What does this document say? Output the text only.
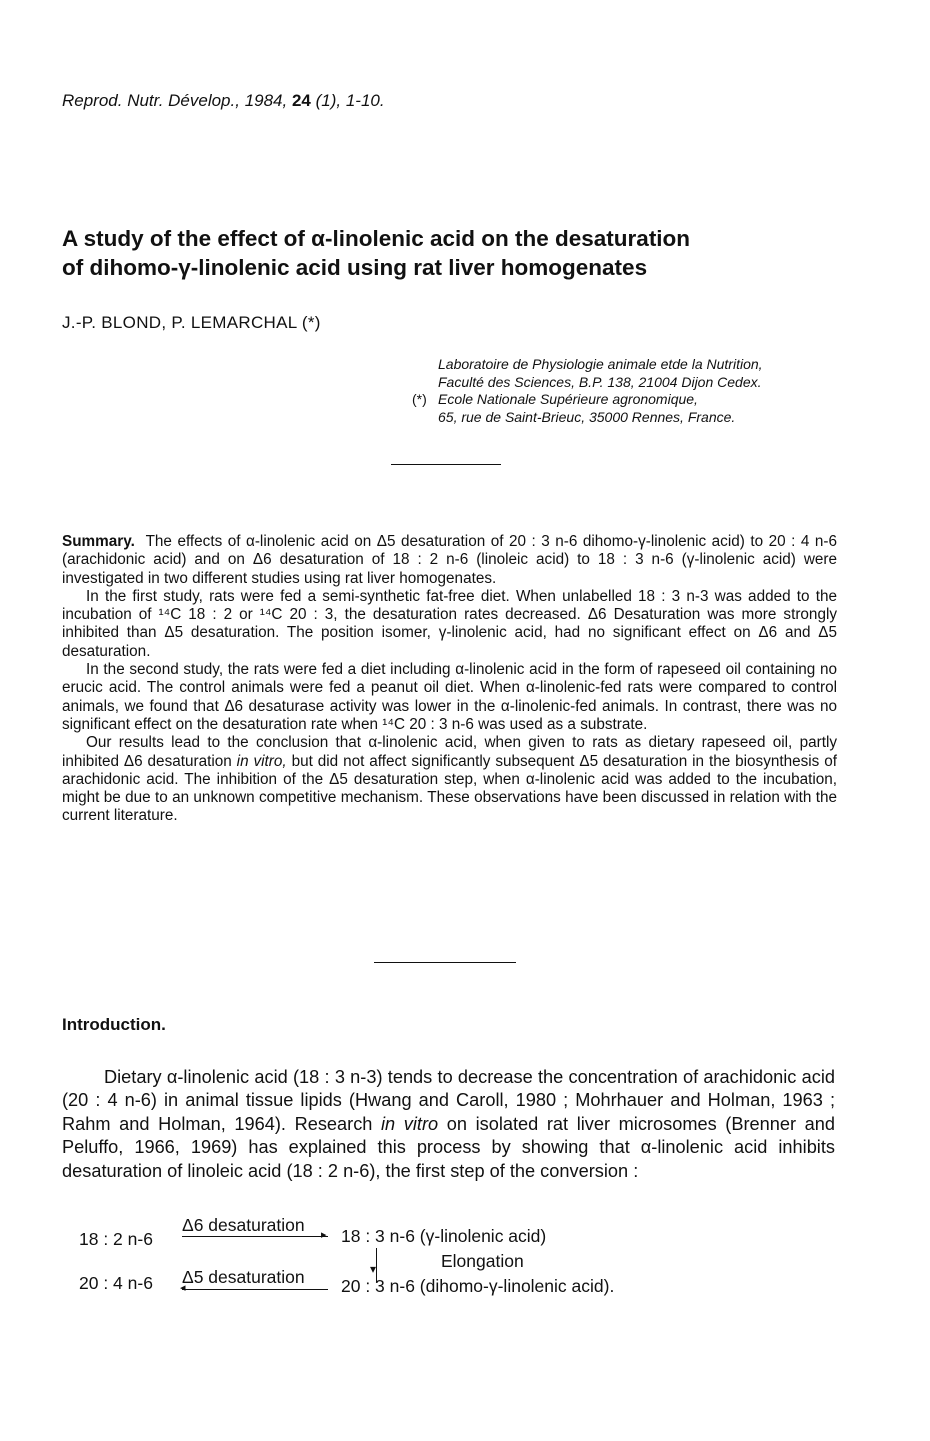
Reprod. Nutr. Dévelop., 1984, 24 (1), 1-10.
A study of the effect of α-linolenic acid on the desaturation
of dihomo-γ-linolenic acid using rat liver homogenates
J.-P. BLOND, P. LEMARCHAL (*)
Laboratoire de Physiologie animale etde la Nutrition,
Faculté des Sciences, B.P. 138, 21004 Dijon Cedex.
(*) Ecole Nationale Supérieure agronomique,
65, rue de Saint-Brieuc, 35000 Rennes, France.

Summary. The effects of α-linolenic acid on Δ5 desaturation of 20 : 3 n-6 dihomo-γ-linolenic acid) to 20 : 4 n-6 (arachidonic acid) and on Δ6 desaturation of 18 : 2 n-6 (linoleic acid) to 18 : 3 n-6 (γ-linolenic acid) were investigated in two different studies using rat liver homogenates.

In the first study, rats were fed a semi-synthetic fat-free diet. When unlabelled 18 : 3 n-3 was added to the incubation of ¹⁴C 18 : 2 or ¹⁴C 20 : 3, the desaturation rates decreased. Δ6 Desaturation was more strongly inhibited than Δ5 desaturation. The position isomer, γ-linolenic acid, had no significant effect on Δ6 and Δ5 desaturation.

In the second study, the rats were fed a diet including α-linolenic acid in the form of rapeseed oil containing no erucic acid. The control animals were fed a peanut oil diet. When α-linolenic-fed rats were compared to control animals, we found that Δ6 desaturase activity was lower in the α-linolenic-fed animals. In contrast, there was no significant effect on the desaturation rate when ¹⁴C 20 : 3 n-6 was used as a substrate.

Our results lead to the conclusion that α-linolenic acid, when given to rats as dietary rapeseed oil, partly inhibited Δ6 desaturation in vitro, but did not affect significantly subsequent Δ5 desaturation in the biosynthesis of arachidonic acid. The inhibition of the Δ5 desaturation step, when α-linolenic acid was added to the incubation, might be due to an unknown competitive mechanism. These observations have been discussed in relation with the current literature.

Introduction.

Dietary α-linolenic acid (18 : 3 n-3) tends to decrease the concentration of arachidonic acid (20 : 4 n-6) in animal tissue lipids (Hwang and Caroll, 1980 ; Mohrhauer and Holman, 1963 ; Rahm and Holman, 1964). Research in vitro on isolated rat liver microsomes (Brenner and Peluffo, 1966, 1969) has explained this process by showing that α-linolenic acid inhibits desaturation of linoleic acid (18 : 2 n-6), the first step of the conversion :

18 : 2 n-6
Δ6 desaturation ▸ 18 : 3 n-6 (γ-linolenic acid)
▾	Elongation
20 : 4 n-6 Δ5 desaturation
◂	20 : 3 n-6 (dihomo-γ-linolenic acid).
